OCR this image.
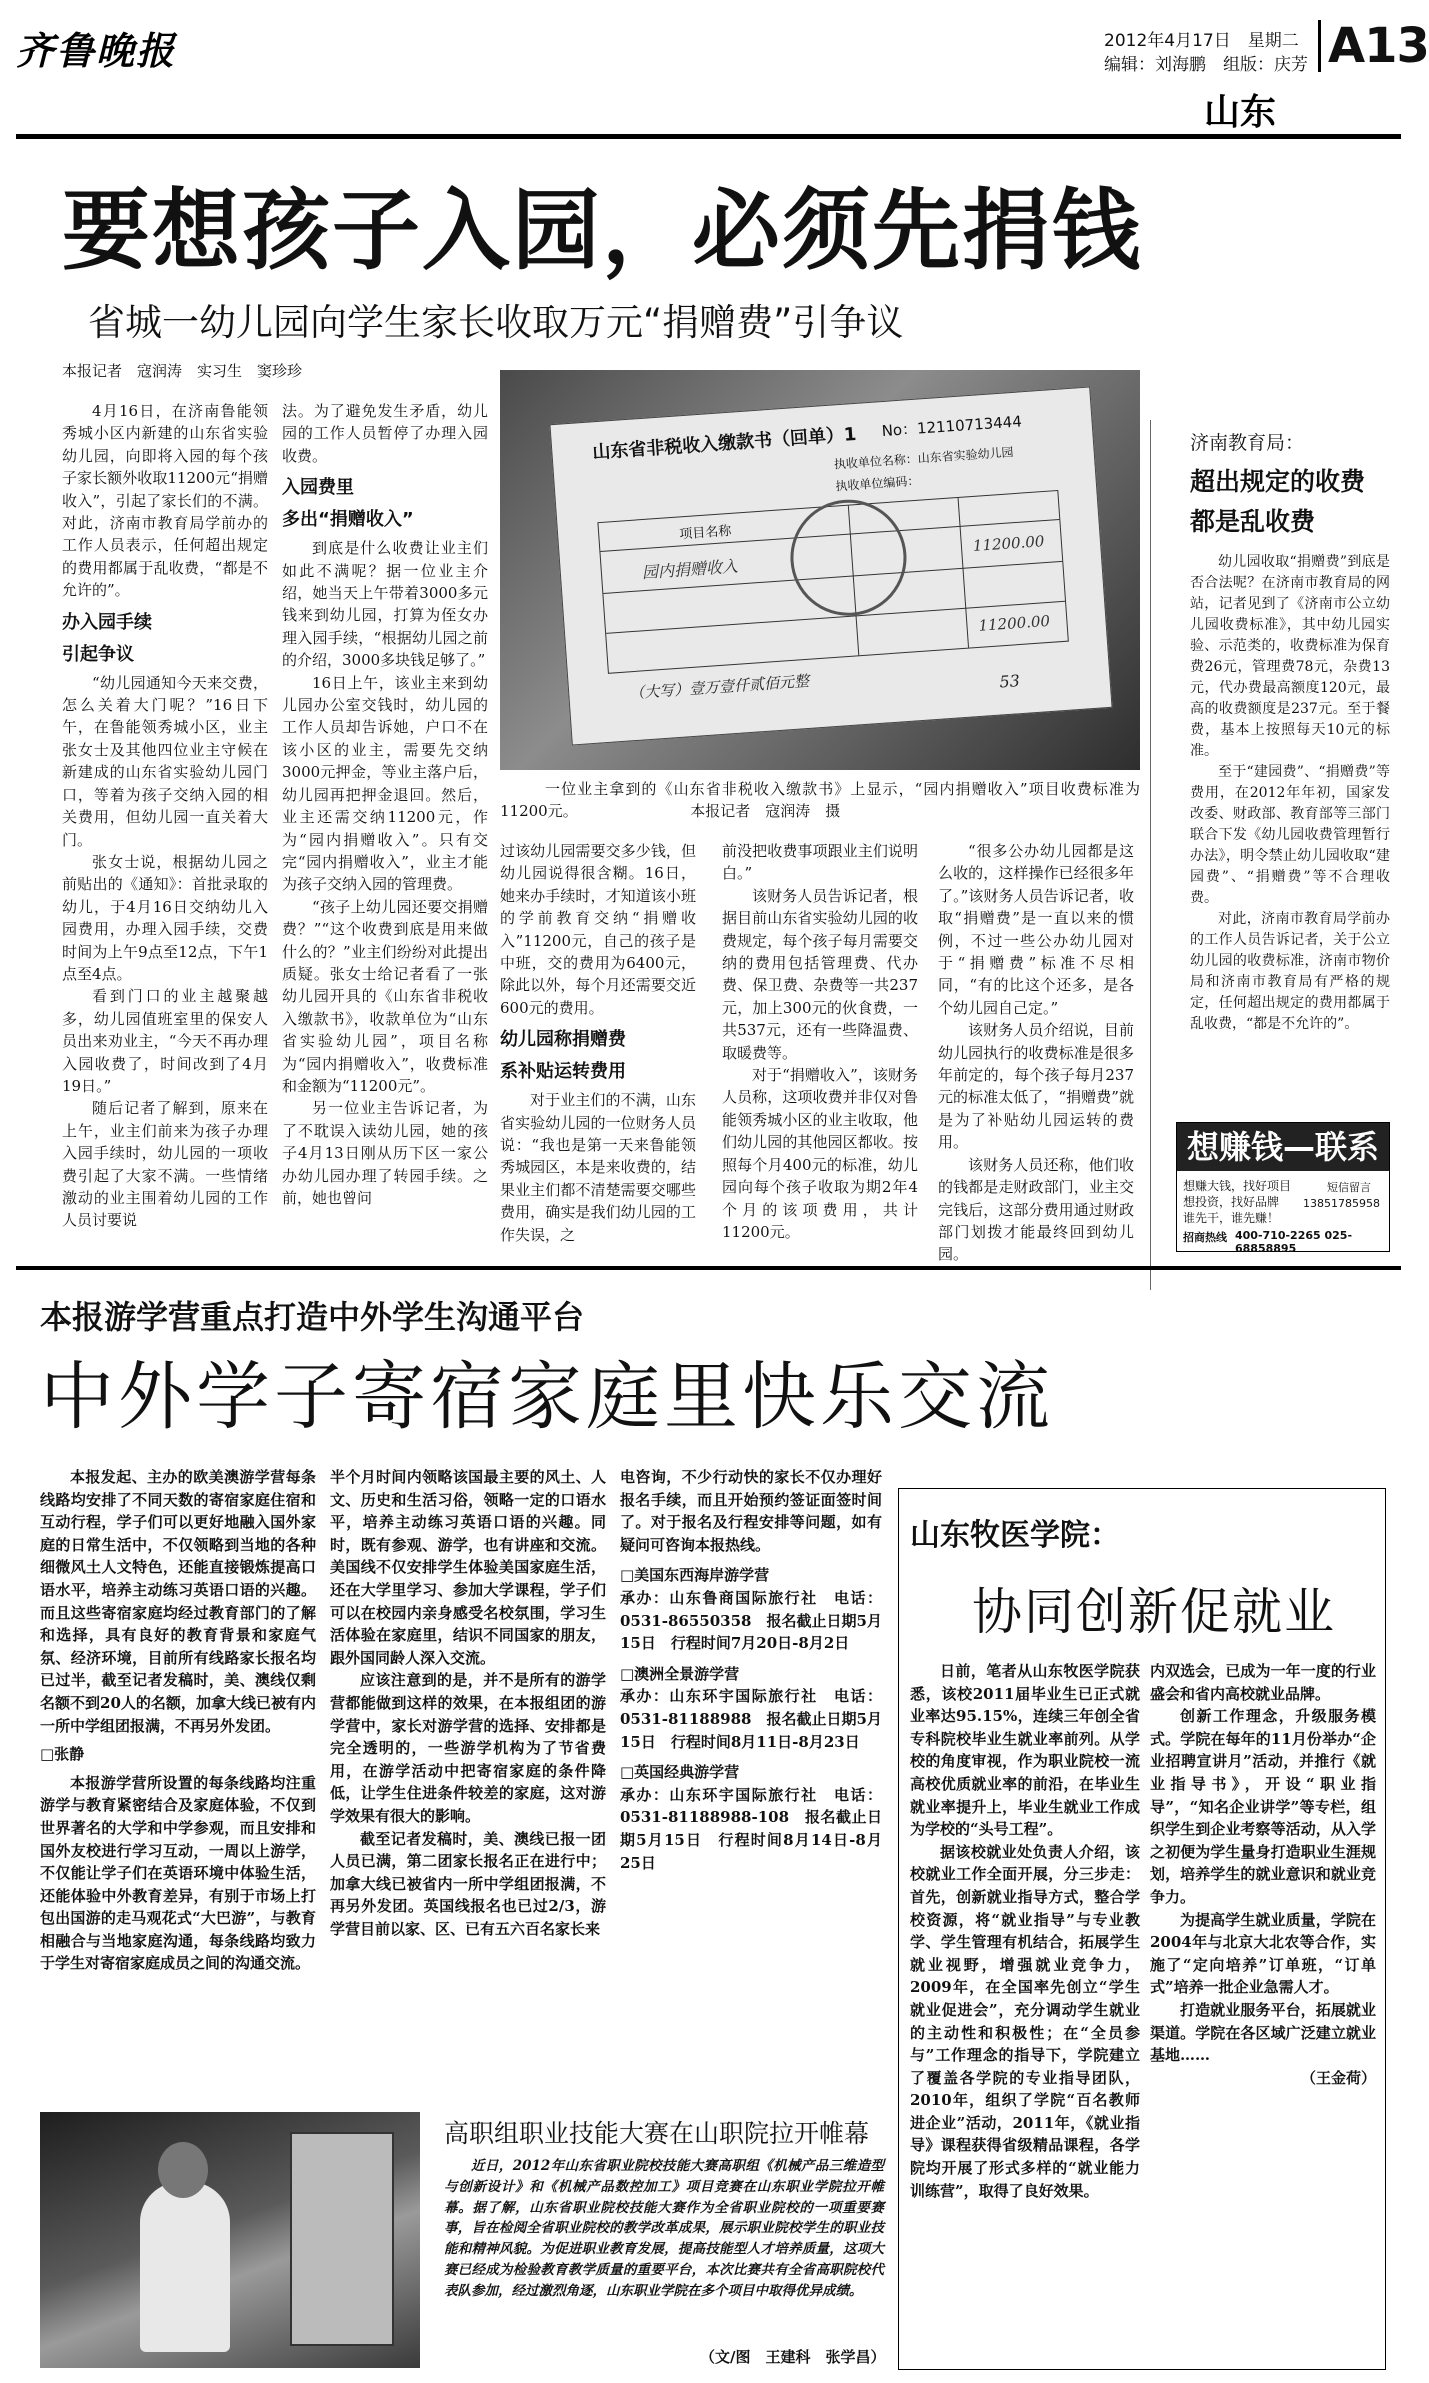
齐鲁晚报	2012年4月17日　星期二
编辑：刘海鹏　组版：庆芳 A13
山东
要想孩子入园，必须先捐钱
省城一幼儿园向学生家长收取万元“捐赠费”引争议
本报记者　寇润涛　实习生　窦珍珍

4月16日，在济南鲁能领秀城小区内新建的山东省实验幼儿园，向即将入园的每个孩子家长额外收取11200元“捐赠收入”，引起了家长们的不满。对此，济南市教育局学前办的工作人员表示，任何超出规定的费用都属于乱收费，“都是不允许的”。

办入园手续
引起争议

“幼儿园通知今天来交费，怎么关着大门呢？”16日下午，在鲁能领秀城小区，业主张女士及其他四位业主守候在新建成的山东省实验幼儿园门口，等着为孩子交纳入园的相关费用，但幼儿园一直关着大门。

张女士说，根据幼儿园之前贴出的《通知》：首批录取的幼儿，于4月16日交纳幼儿入园费用，办理入园手续，交费时间为上午9点至12点，下午1点至4点。

看到门口的业主越聚越多，幼儿园值班室里的保安人员出来劝业主，“今天不再办理入园收费了，时间改到了4月19日。”

随后记者了解到，原来在上午，业主们前来为孩子办理入园手续时，幼儿园的一项收费引起了大家不满。一些情绪激动的业主围着幼儿园的工作人员讨要说

法。为了避免发生矛盾，幼儿园的工作人员暂停了办理入园收费。

入园费里
多出“捐赠收入”

到底是什么收费让业主们如此不满呢？据一位业主介绍，她当天上午带着3000多元钱来到幼儿园，打算为侄女办理入园手续，“根据幼儿园之前的介绍，3000多块钱足够了。”

16日上午，该业主来到幼儿园办公室交钱时，幼儿园的工作人员却告诉她，户口不在该小区的业主，需要先交纳3000元押金，等业主落户后，幼儿园再把押金退回。然后，业主还需交纳11200元，作为“园内捐赠收入”。只有交完“园内捐赠收入”，业主才能为孩子交纳入园的管理费。

“孩子上幼儿园还要交捐赠费？”“这个收费到底是用来做什么的？”业主们纷纷对此提出质疑。张女士给记者看了一张幼儿园开具的《山东省非税收入缴款书》，收款单位为“山东省实验幼儿园”，项目名称为“园内捐赠收入”，收费标准和金额为“11200元”。

另一位业主告诉记者，为了不耽误入读幼儿园，她的孩子4月13日刚从历下区一家公办幼儿园办理了转园手续。之前，她也曾问

山东省非税收入缴款书（回单）1 No：12110713444
执收单位名称：山东省实验幼儿园
执收单位编码：
项目名称
园内捐赠收入
11200.00
11200.00
（大写）壹万壹仟贰佰元整	53
一位业主拿到的《山东省非税收入缴款书》上显示，“园内捐赠收入”项目收费标准为11200元。　　　　　　　　本报记者　寇润涛　摄

过该幼儿园需要交多少钱，但幼儿园说得很含糊。16日，她来办手续时，才知道该小班的学前教育交纳“捐赠收入”11200元，自己的孩子是中班，交的费用为6400元，除此以外，每个月还需要交近600元的费用。

幼儿园称捐赠费
系补贴运转费用

对于业主们的不满，山东省实验幼儿园的一位财务人员说：“我也是第一天来鲁能领秀城园区，本是来收费的，结果业主们都不清楚需要交哪些费用，确实是我们幼儿园的工作失误，之

前没把收费事项跟业主们说明白。”

该财务人员告诉记者，根据目前山东省实验幼儿园的收费规定，每个孩子每月需要交纳的费用包括管理费、代办费、保卫费、杂费等一共237元，加上300元的伙食费，一共537元，还有一些降温费、取暖费等。

对于“捐赠收入”，该财务人员称，这项收费并非仅对鲁能领秀城小区的业主收取，他们幼儿园的其他园区都收。按照每个月400元的标准，幼儿园向每个孩子收取为期2年4个月的该项费用，共计11200元。

“很多公办幼儿园都是这么收的，这样操作已经很多年了。”该财务人员告诉记者，收取“捐赠费”是一直以来的惯例，不过一些公办幼儿园对于“捐赠费”标准不尽相同，“有的比这个还多，是各个幼儿园自己定。”

该财务人员介绍说，目前幼儿园执行的收费标准是很多年前定的，每个孩子每月237元的标准太低了，“捐赠费”就是为了补贴幼儿园运转的费用。

该财务人员还称，他们收的钱都是走财政部门，业主交完钱后，这部分费用通过财政部门划拨才能最终回到幼儿园。

济南教育局：
超出规定的收费
都是乱收费

幼儿园收取“捐赠费”到底是否合法呢？在济南市教育局的网站，记者见到了《济南市公立幼儿园收费标准》，其中幼儿园实验、示范类的，收费标准为保育费26元，管理费78元，杂费13元，代办费最高额度120元，最高的收费额度是237元。至于餐费，基本上按照每天10元的标准。

至于“建园费”、“捐赠费”等费用，在2012年年初，国家发改委、财政部、教育部等三部门联合下发《幼儿园收费管理暂行办法》，明令禁止幼儿园收取“建园费”、“捐赠费”等不合理收费。

对此，济南市教育局学前办的工作人员告诉记者，关于公立幼儿园的收费标准，济南市物价局和济南市教育局有严格的规定，任何超出规定的费用都属于乱收费，“都是不允许的”。

想赚钱—联系我
想赚大钱，找好项目
想投资，找好品牌
谁先干，谁先赚！
短信留言
13851785958
招商热线 400-710-2265 025-68858895
本报游学营重点打造中外学生沟通平台
中外学子寄宿家庭里快乐交流

本报发起、主办的欧美澳游学营每条线路均安排了不同天数的寄宿家庭住宿和互动行程，学子们可以更好地融入国外家庭的日常生活中，不仅领略到当地的各种细微风土人文特色，还能直接锻炼提高口语水平，培养主动练习英语口语的兴趣。而且这些寄宿家庭均经过教育部门的了解和选择，具有良好的教育背景和家庭气氛、经济环境，目前所有线路家长报名均已过半，截至记者发稿时，美、澳线仅剩名额不到20人的名额，加拿大线已被有内一所中学组团报满，不再另外发团。

□张静

本报游学营所设置的每条线路均注重游学与教育紧密结合及家庭体验，不仅到世界著名的大学和中学参观，而且安排和国外友校进行学习互动，一周以上游学，不仅能让学子们在英语环境中体验生活，还能体验中外教育差异，有别于市场上打包出国游的走马观花式“大巴游”，与教育相融合与当地家庭沟通，每条线路均致力于学生对寄宿家庭成员之间的沟通交流。

半个月时间内领略该国最主要的风土、人文、历史和生活习俗，领略一定的口语水平，培养主动练习英语口语的兴趣。同时，既有参观、游学，也有讲座和交流。美国线不仅安排学生体验美国家庭生活，还在大学里学习、参加大学课程，学子们可以在校园内亲身感受名校氛围，学习生活体验在家庭里，结识不同国家的朋友，跟外国同龄人深入交流。

应该注意到的是，并不是所有的游学营都能做到这样的效果，在本报组团的游学营中，家长对游学营的选择、安排都是完全透明的，一些游学机构为了节省费用，在游学活动中把寄宿家庭的条件降低，让学生住进条件较差的家庭，这对游学效果有很大的影响。

截至记者发稿时，美、澳线已报一团人员已满，第二团家长报名正在进行中；加拿大线已被省内一所中学组团报满，不再另外发团。英国线报名也已过2/3，游学营目前以家、区、已有五六百名家长来

电咨询，不少行动快的家长不仅办理好报名手续，而且开始预约签证面签时间了。对于报名及行程安排等问题，如有疑问可咨询本报热线。

□美国东西海岸游学营
承办：山东鲁商国际旅行社　电话：0531-86550358　报名截止日期5月15日　行程时间7月20日-8月2日
□澳洲全景游学营
承办：山东环宇国际旅行社　电话：0531-81188988　报名截止日期5月15日　行程时间8月11日-8月23日
□英国经典游学营
承办：山东环宇国际旅行社　电话：0531-81188988-108　报名截止日期5月15日　行程时间8月14日-8月25日
山东牧医学院：
协同创新促就业

日前，笔者从山东牧医学院获悉，该校2011届毕业生已正式就业率达95.15%，连续三年创全省专科院校毕业生就业率前列。从学校的角度审视，作为职业院校一流高校优质就业率的前沿，在毕业生就业率提升上，毕业生就业工作成为学校的“头号工程”。

据该校就业处负责人介绍，该校就业工作全面开展，分三步走：首先，创新就业指导方式，整合学校资源，将“就业指导”与专业教学、学生管理有机结合，拓展学生就业视野，增强就业竞争力，2009年，在全国率先创立“学生就业促进会”，充分调动学生就业的主动性和积极性；在“全员参与”工作理念的指导下，学院建立了覆盖各学院的专业指导团队，2010年，组织了学院“百名教师进企业”活动，2011年，《就业指导》课程获得省级精品课程，各学院均开展了形式多样的“就业能力训练营”，取得了良好效果。

内双选会，已成为一年一度的行业盛会和省内高校就业品牌。

创新工作理念，升级服务模式。学院在每年的11月份举办“企业招聘宣讲月”活动，并推行《就业指导书》，开设“职业指导”，“知名企业讲学”等专栏，组织学生到企业考察等活动，从入学之初便为学生量身打造职业生涯规划，培养学生的就业意识和就业竞争力。

为提高学生就业质量，学院在2004年与北京大北农等合作，实施了“定向培养”订单班，“订单式”培养一批企业急需人才。

打造就业服务平台，拓展就业渠道。学院在各区域广泛建立就业基地……

（王金荷）
高职组职业技能大赛在山职院拉开帷幕

近日，2012年山东省职业院校技能大赛高职组《机械产品三维造型与创新设计》和《机械产品数控加工》项目竞赛在山东职业学院拉开帷幕。据了解，山东省职业院校技能大赛作为全省职业院校的一项重要赛事，旨在检阅全省职业院校的教学改革成果，展示职业院校学生的职业技能和精神风貌。为促进职业教育发展，提高技能型人才培养质量，这项大赛已经成为检验教育教学质量的重要平台，本次比赛共有全省高职院校代表队参加，经过激烈角逐，山东职业学院在多个项目中取得优异成绩。

（文/图　王建科　张学昌）
